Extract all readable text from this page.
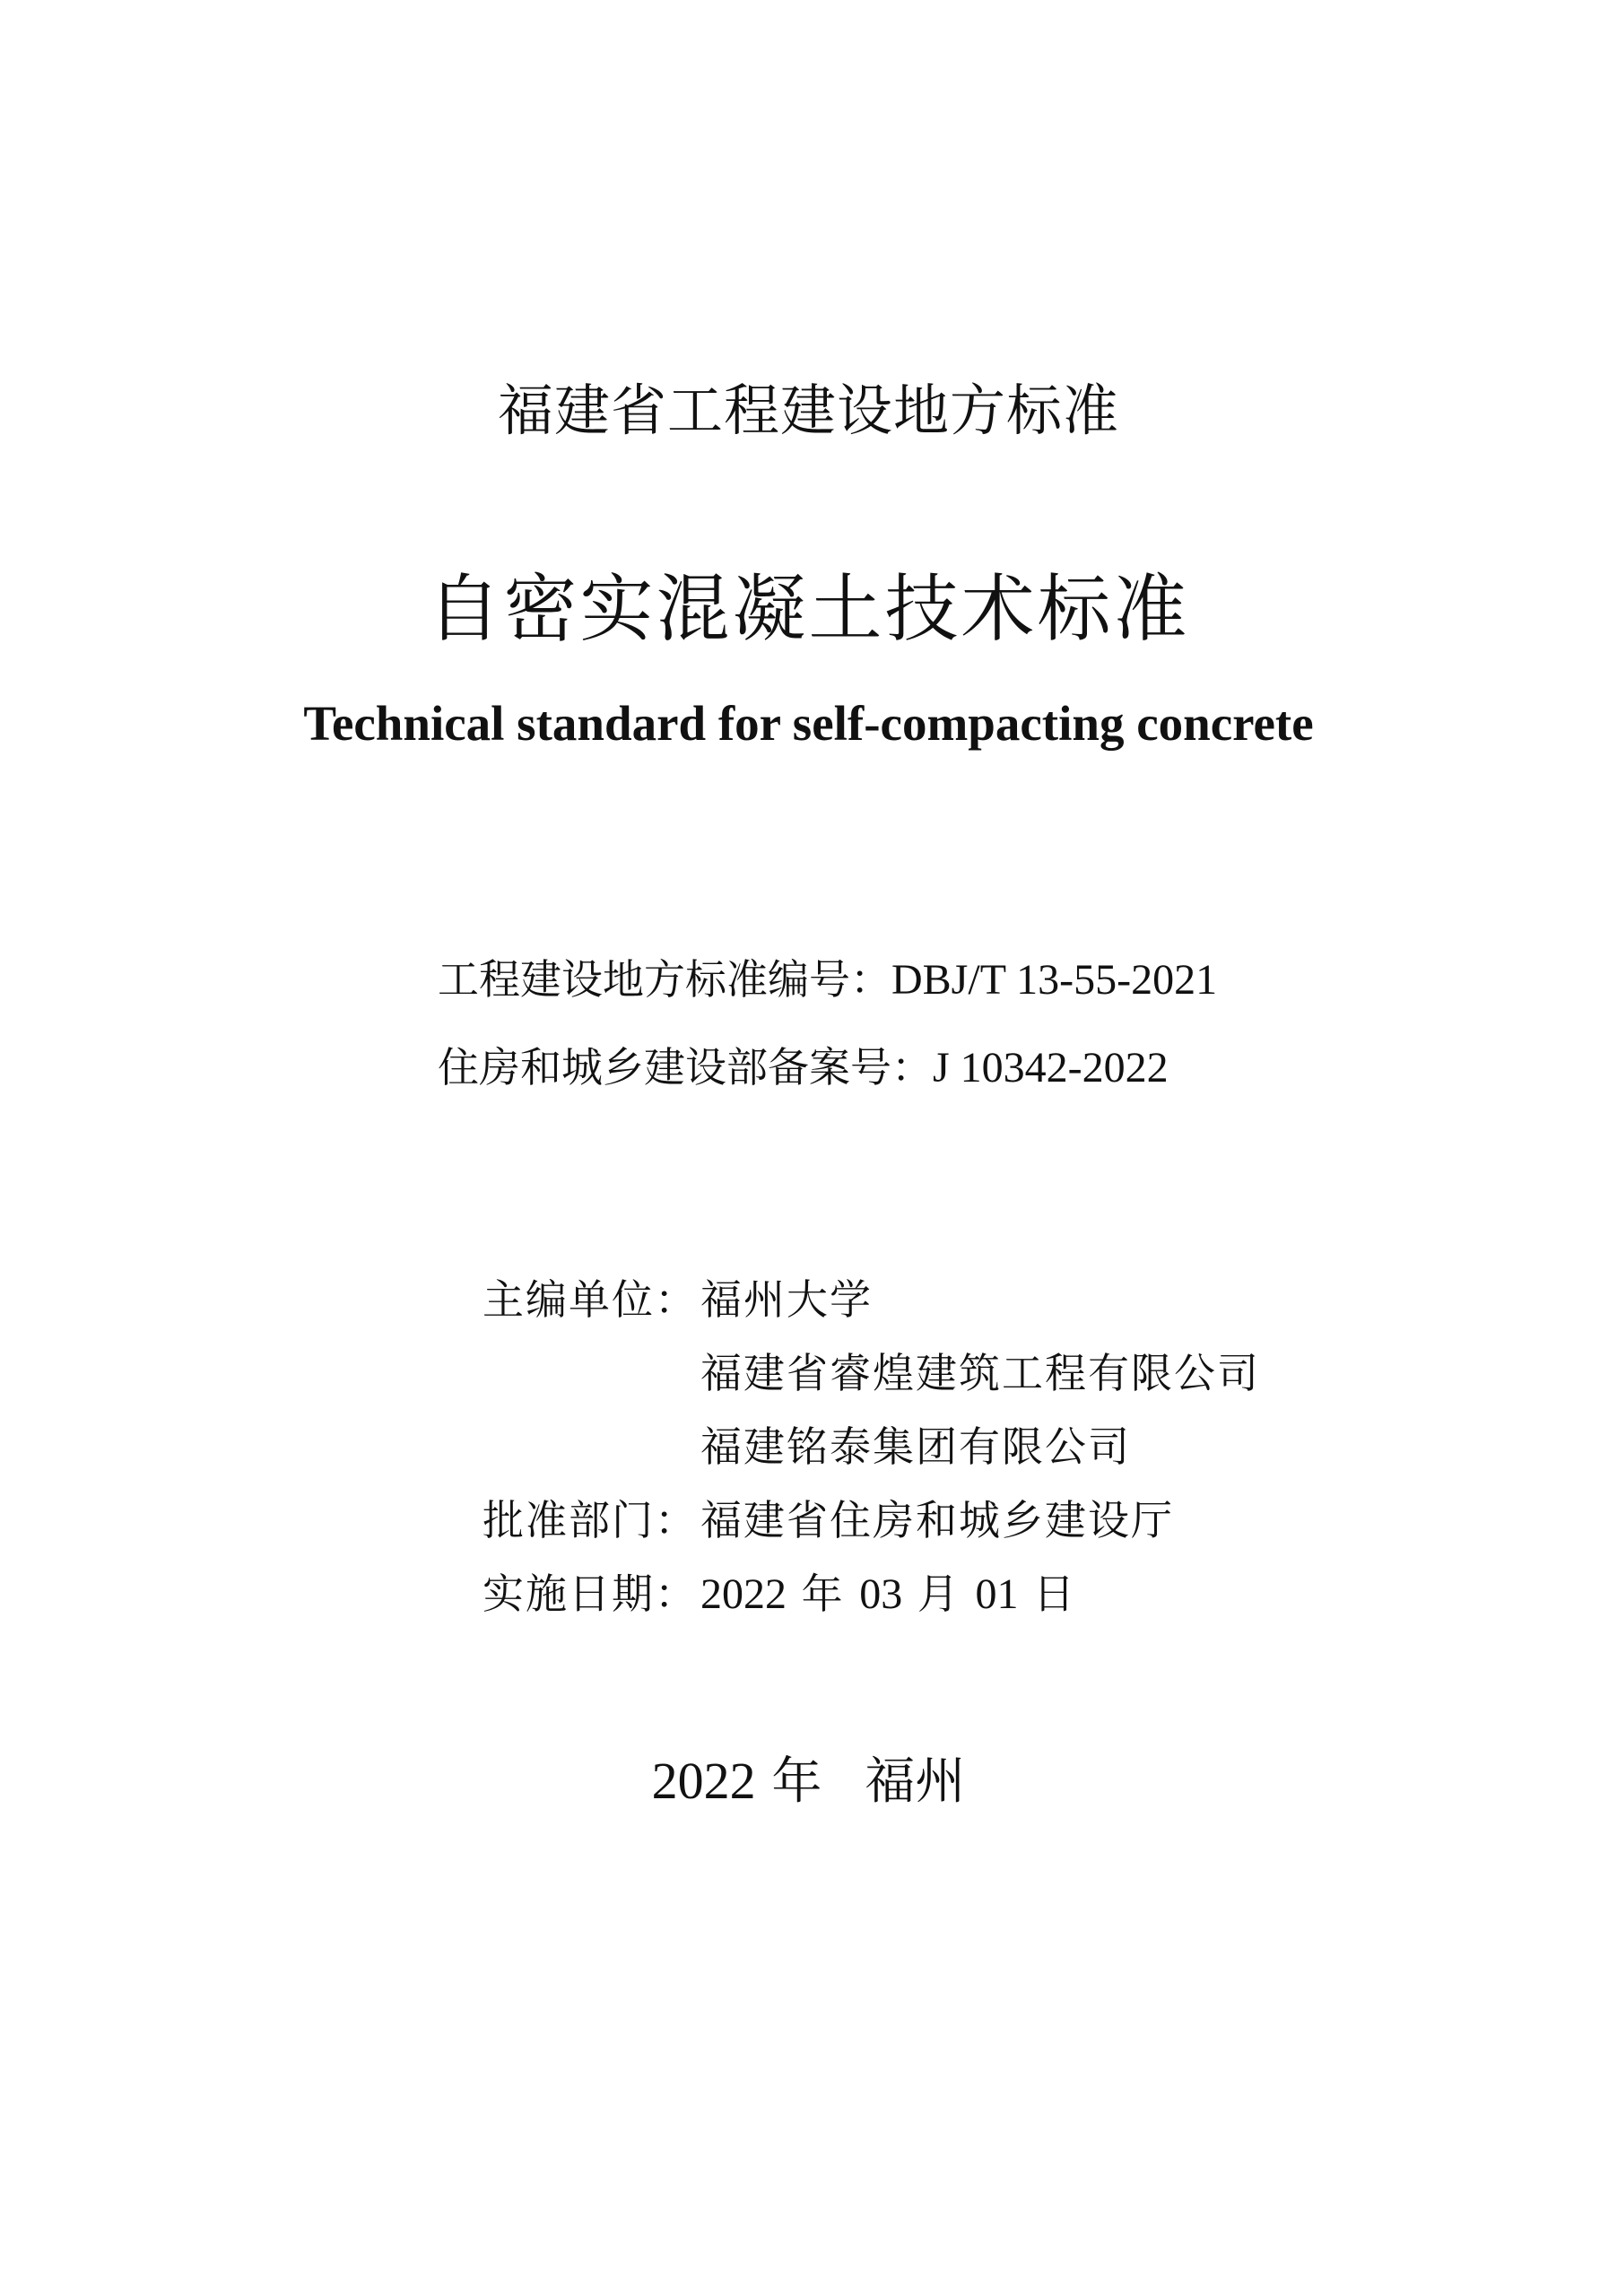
福建省工程建设地方标准
自密实混凝土技术标准
Technical standard for self-compacting concrete
工程建设地方标准编号：DBJ/T 13-55-2021
住房和城乡建设部备案号：J 10342-2022
主编单位： 福州大学
福建省睿煌建筑工程有限公司
福建铭泰集团有限公司
批准部门： 福建省住房和城乡建设厅
实施日期： 2022 年 03 月 01 日
2022 年 福州
